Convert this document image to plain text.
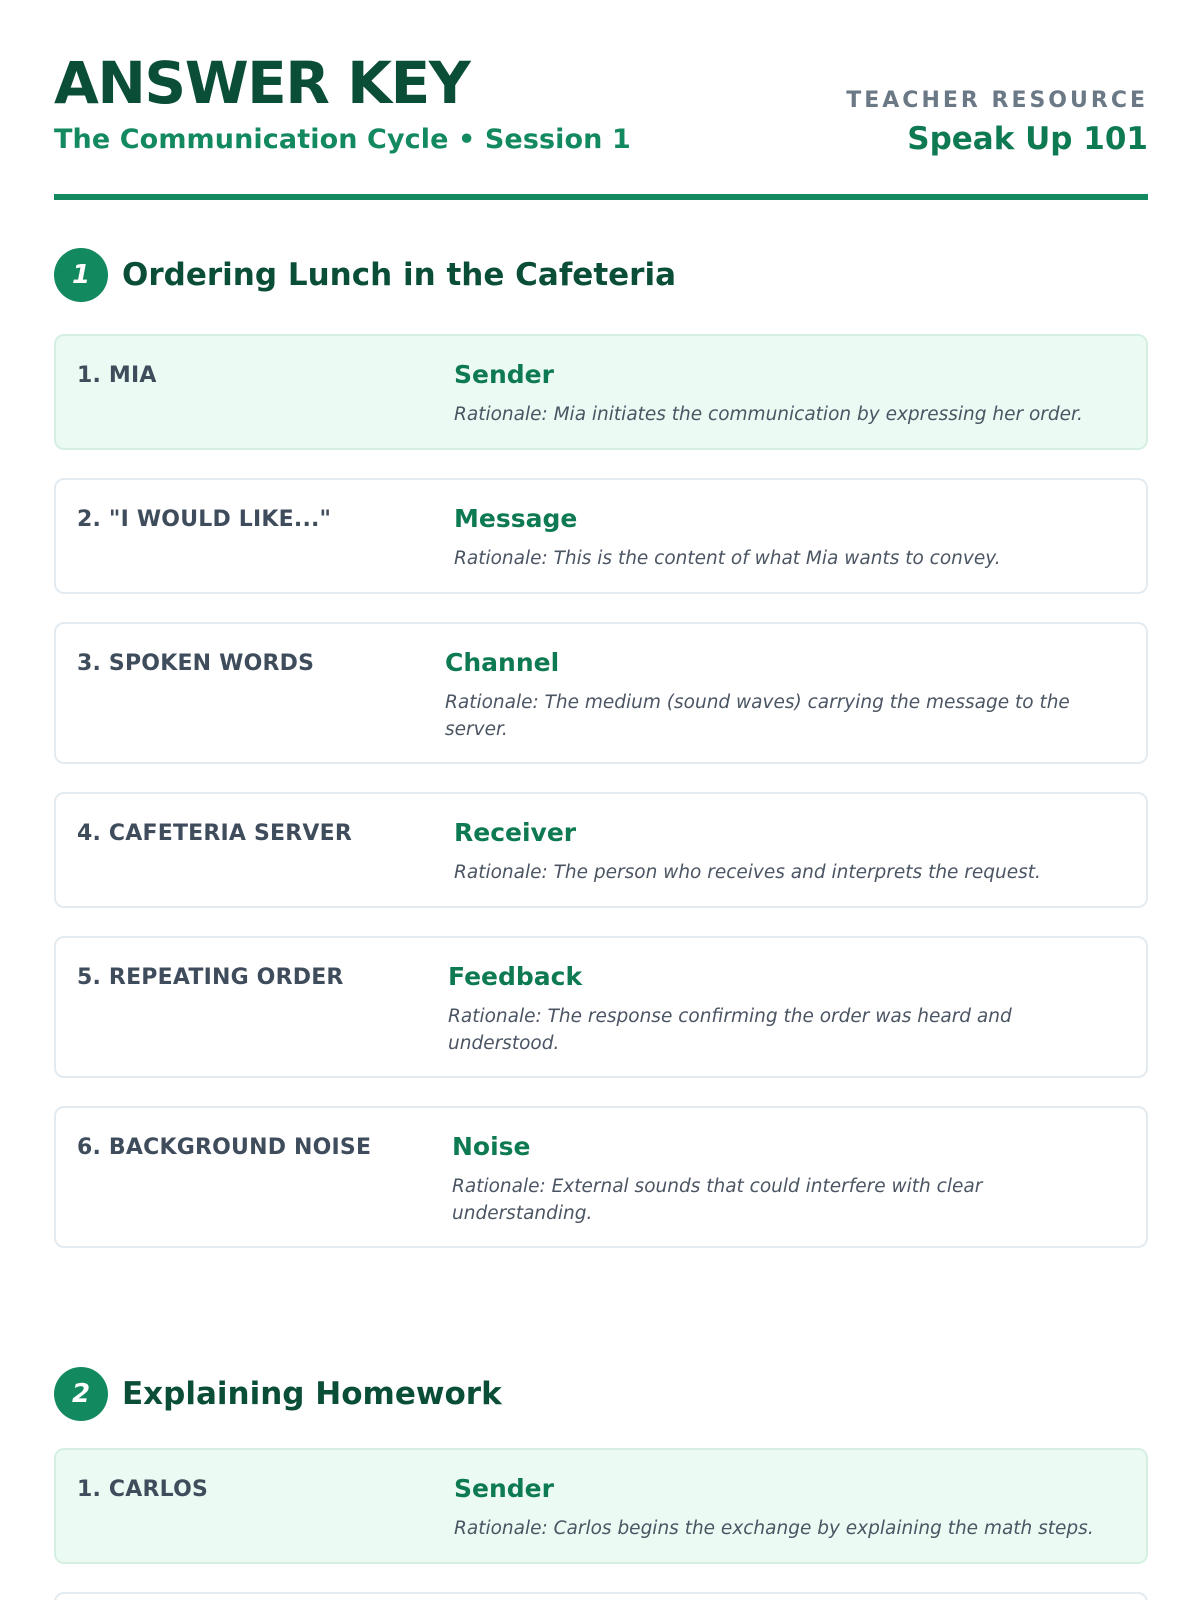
ANSWER KEY
The Communication Cycle • Session 1
TEACHER RESOURCE
Speak Up 101
1	Ordering Lunch in the Cafeteria
1. MIA	Sender
Rationale: Mia initiates the communication by expressing her order.
2. "I WOULD LIKE..."	Message
Rationale: This is the content of what Mia wants to convey.
3. SPOKEN WORDS	Channel
Rationale: The medium (sound waves) carrying the message to the server.
4. CAFETERIA SERVER	Receiver
Rationale: The person who receives and interprets the request.
5. REPEATING ORDER	Feedback
Rationale: The response confirming the order was heard and understood.
6. BACKGROUND NOISE	Noise
Rationale: External sounds that could interfere with clear understanding.
2	Explaining Homework
1. CARLOS	Sender
Rationale: Carlos begins the exchange by explaining the math steps.
